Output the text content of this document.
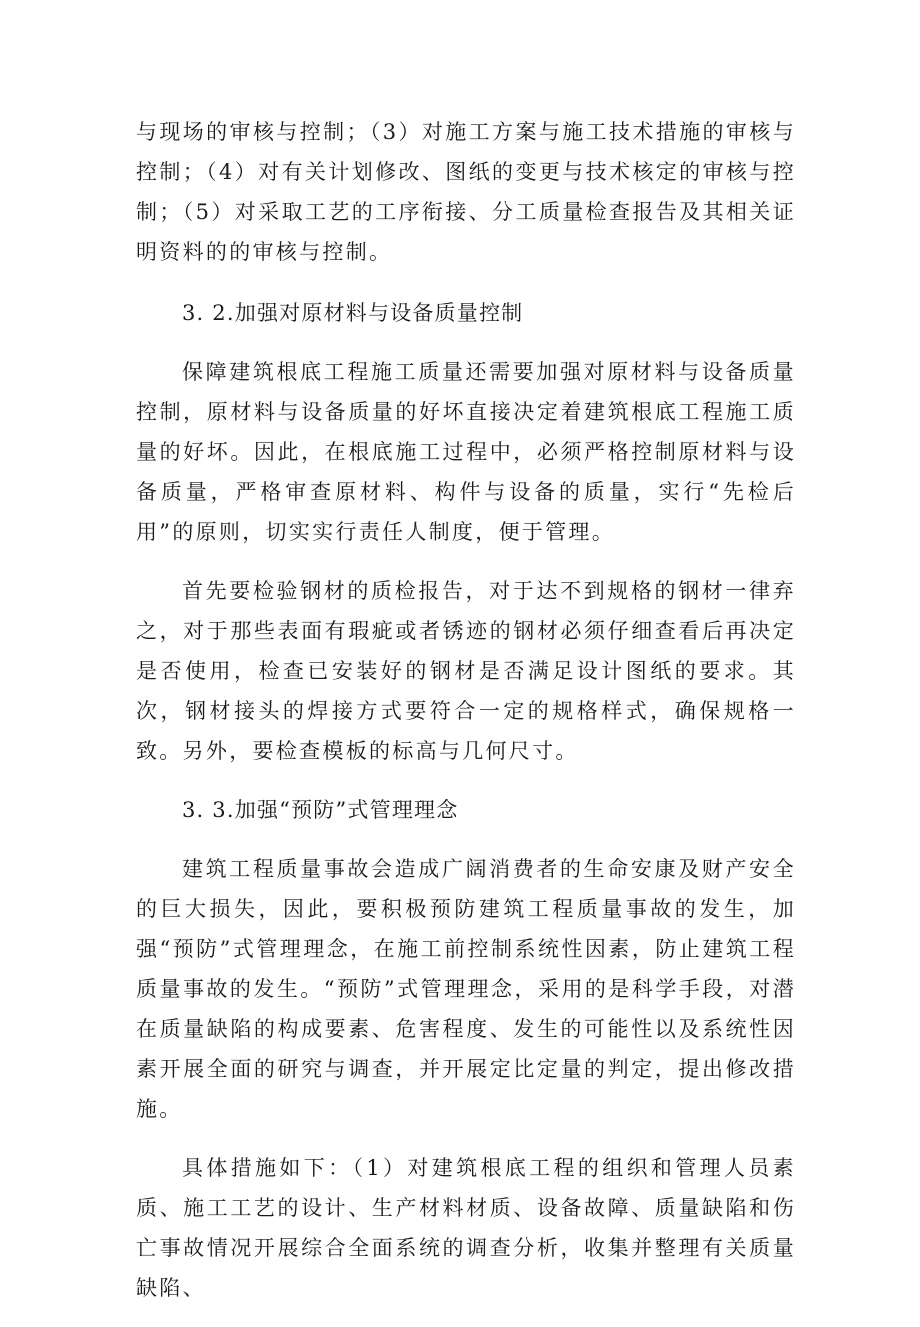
与现场的审核与控制；（3）对施工方案与施工技术措施的审核与控制；（4）对有关计划修改、图纸的变更与技术核定的审核与控制；（5）对采取工艺的工序衔接、分工质量检查报告及其相关证明资料的的审核与控制。

3. 2.加强对原材料与设备质量控制

保障建筑根底工程施工质量还需要加强对原材料与设备质量控制，原材料与设备质量的好坏直接决定着建筑根底工程施工质量的好坏。因此，在根底施工过程中，必须严格控制原材料与设备质量，严格审查原材料、构件与设备的质量，实行“先检后用”的原则，切实实行责任人制度，便于管理。

首先要检验钢材的质检报告，对于达不到规格的钢材一律弃之，对于那些表面有瑕疵或者锈迹的钢材必须仔细查看后再决定是否使用，检查已安装好的钢材是否满足设计图纸的要求。其次，钢材接头的焊接方式要符合一定的规格样式，确保规格一致。另外，要检查模板的标高与几何尺寸。

3. 3.加强“预防”式管理理念

建筑工程质量事故会造成广阔消费者的生命安康及财产安全的巨大损失，因此，要积极预防建筑工程质量事故的发生，加强“预防”式管理理念，在施工前控制系统性因素，防止建筑工程质量事故的发生。“预防”式管理理念，采用的是科学手段，对潜在质量缺陷的构成要素、危害程度、发生的可能性以及系统性因素开展全面的研究与调查，并开展定比定量的判定，提出修改措施。

具体措施如下：（1）对建筑根底工程的组织和管理人员素质、施工工艺的设计、生产材料材质、设备故障、质量缺陷和伤亡事故情况开展综合全面系统的调查分析，收集并整理有关质量缺陷、
